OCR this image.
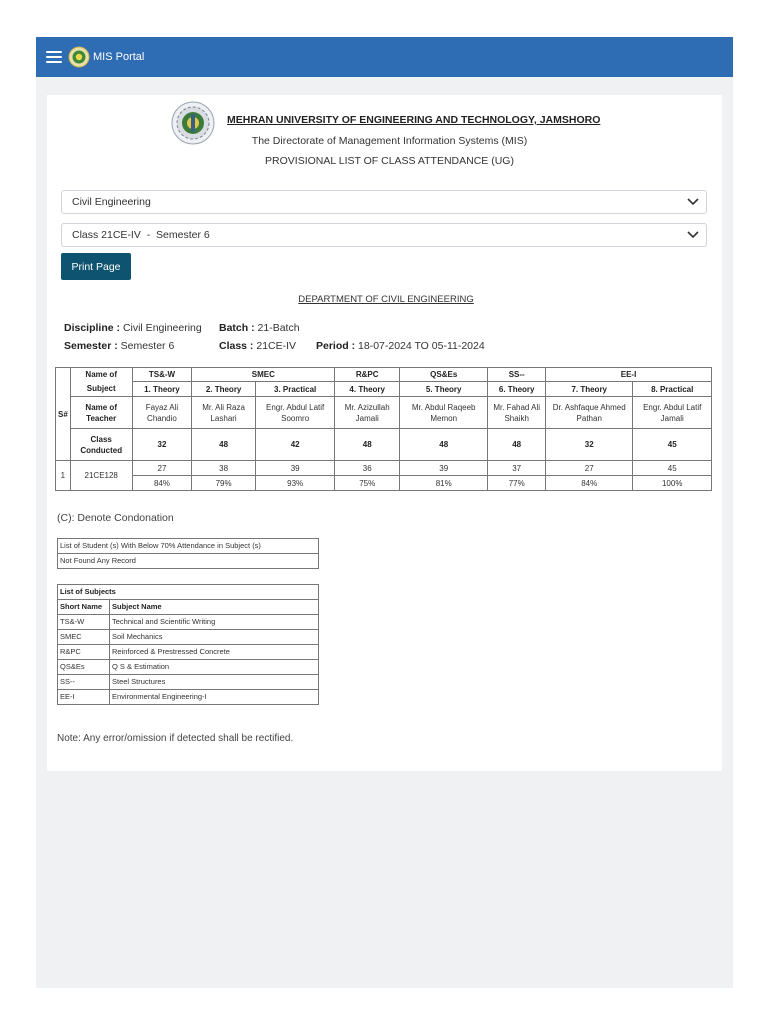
MIS Portal
MEHRAN UNIVERSITY OF ENGINEERING AND TECHNOLOGY, JAMSHORO
The Directorate of Management Information Systems (MIS)
PROVISIONAL LIST OF CLASS ATTENDANCE (UG)
Civil Engineering
Class 21CE-IV  -  Semester 6
Print Page
DEPARTMENT OF CIVIL ENGINEERING
Discipline : Civil Engineering Batch : 21-Batch
Semester : Semester 6	Class : 21CE-IV Period : 18-07-2024 TO 05-11-2024
S#	Name of	TS&-W	SMEC		R&PC	QS&Es	SS--	EE-I	
	Subject	1. Theory	2. Theory	3. Practical	4. Theory	5. Theory	6. Theory	7. Theory	8. Practical
	Name of Teacher	Fayaz Ali Chandio	Mr. Ali Raza Lashari	Engr. Abdul Latif Soomro	Mr. Azizullah Jamali	Mr. Abdul Raqeeb Memon	Mr. Fahad Ali Shaikh	Dr. Ashfaque Ahmed Pathan	Engr. Abdul Latif Jamali
	Class Conducted	32	48	42	48	48	48	32	45
1	21CE128	27	38	39	36	39	37	27	45
		84%	79%	93%	75%	81%	77%	84%	100%
(C): Denote Condonation
List of Student (s) With Below 70% Attendance in Subject (s)
Not Found Any Record
List of Subjects	
Short Name	Subject Name
TS&-W	Technical and Scientific Writing
SMEC	Soil Mechanics
R&PC	Reinforced & Prestressed Concrete
QS&Es	Q S & Estimation
SS--	Steel Structures
EE-I	Environmental Engineering-I
Note: Any error/omission if detected shall be rectified.
